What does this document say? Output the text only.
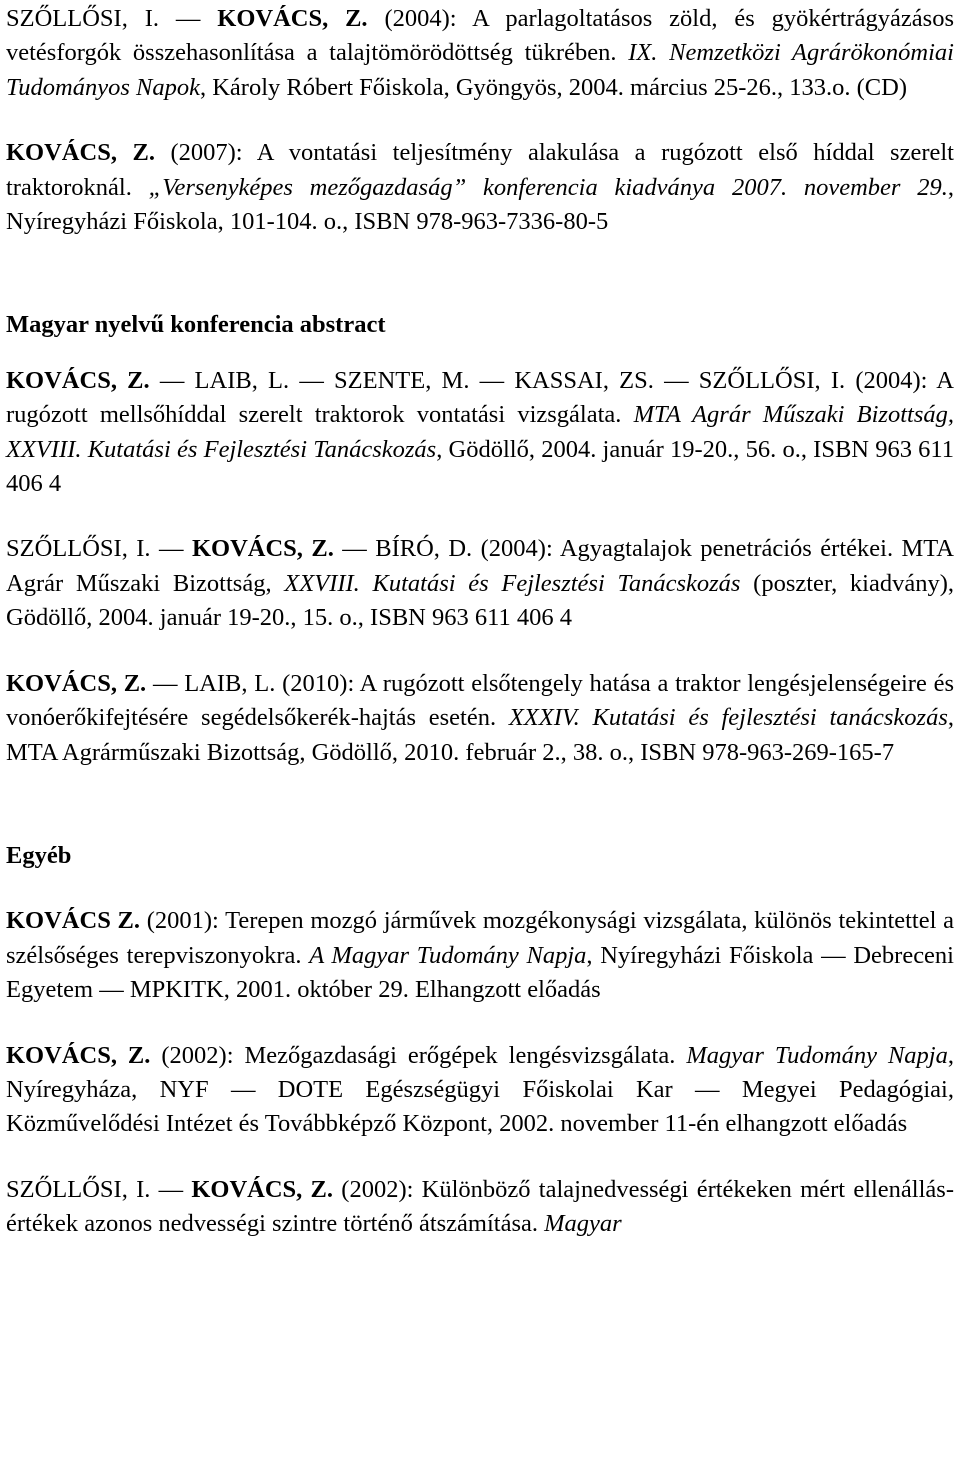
SZŐLLŐSI, I. — KOVÁCS, Z. (2004): A parlagoltatásos zöld, és gyökértrágyázásos vetésforgók összehasonlítása a talajtömörödöttség tükrében. IX. Nemzetközi Agrárökonómiai Tudományos Napok, Károly Róbert Főiskola, Gyöngyös, 2004. március 25-26., 133.o. (CD)

KOVÁCS, Z. (2007): A vontatási teljesítmény alakulása a rugózott első híddal szerelt traktoroknál. „Versenyképes mezőgazdaság” konferencia kiadványa 2007. november 29., Nyíregyházi Főiskola, 101-104. o., ISBN 978-963-7336-80-5

Magyar nyelvű konferencia abstract

KOVÁCS, Z. — LAIB, L. — SZENTE, M. — KASSAI, ZS. — SZŐLLŐSI, I. (2004): A rugózott mellsőhíddal szerelt traktorok vontatási vizsgálata. MTA Agrár Műszaki Bizottság, XXVIII. Kutatási és Fejlesztési Tanácskozás, Gödöllő, 2004. január 19-20., 56. o., ISBN 963 611 406 4

SZŐLLŐSI, I. — KOVÁCS, Z. — BÍRÓ, D. (2004): Agyagtalajok penetrációs értékei. MTA Agrár Műszaki Bizottság, XXVIII. Kutatási és Fejlesztési Tanácskozás (poszter, kiadvány), Gödöllő, 2004. január 19-20., 15. o., ISBN 963 611 406 4

KOVÁCS, Z. — LAIB, L. (2010): A rugózott elsőtengely hatása a traktor lengésjelenségeire és vonóerőkifejtésére segédelsőkerék-hajtás esetén. XXXIV. Kutatási és fejlesztési tanácskozás, MTA Agrárműszaki Bizottság, Gödöllő, 2010. február 2., 38. o., ISBN 978-963-269-165-7

Egyéb

KOVÁCS Z. (2001): Terepen mozgó járművek mozgékonysági vizsgálata, különös tekintettel a szélsőséges terepviszonyokra. A Magyar Tudomány Napja, Nyíregyházi Főiskola — Debreceni Egyetem — MPKITK, 2001. október 29. Elhangzott előadás

KOVÁCS, Z. (2002): Mezőgazdasági erőgépek lengésvizsgálata. Magyar Tudomány Napja, Nyíregyháza, NYF — DOTE Egészségügyi Főiskolai Kar — Megyei Pedagógiai, Közművelődési Intézet és Továbbképző Központ, 2002. november 11-én elhangzott előadás

SZŐLLŐSI, I. — KOVÁCS, Z. (2002): Különböző talajnedvességi értékeken mért ellenállás-értékek azonos nedvességi szintre történő átszámítása. Magyar
